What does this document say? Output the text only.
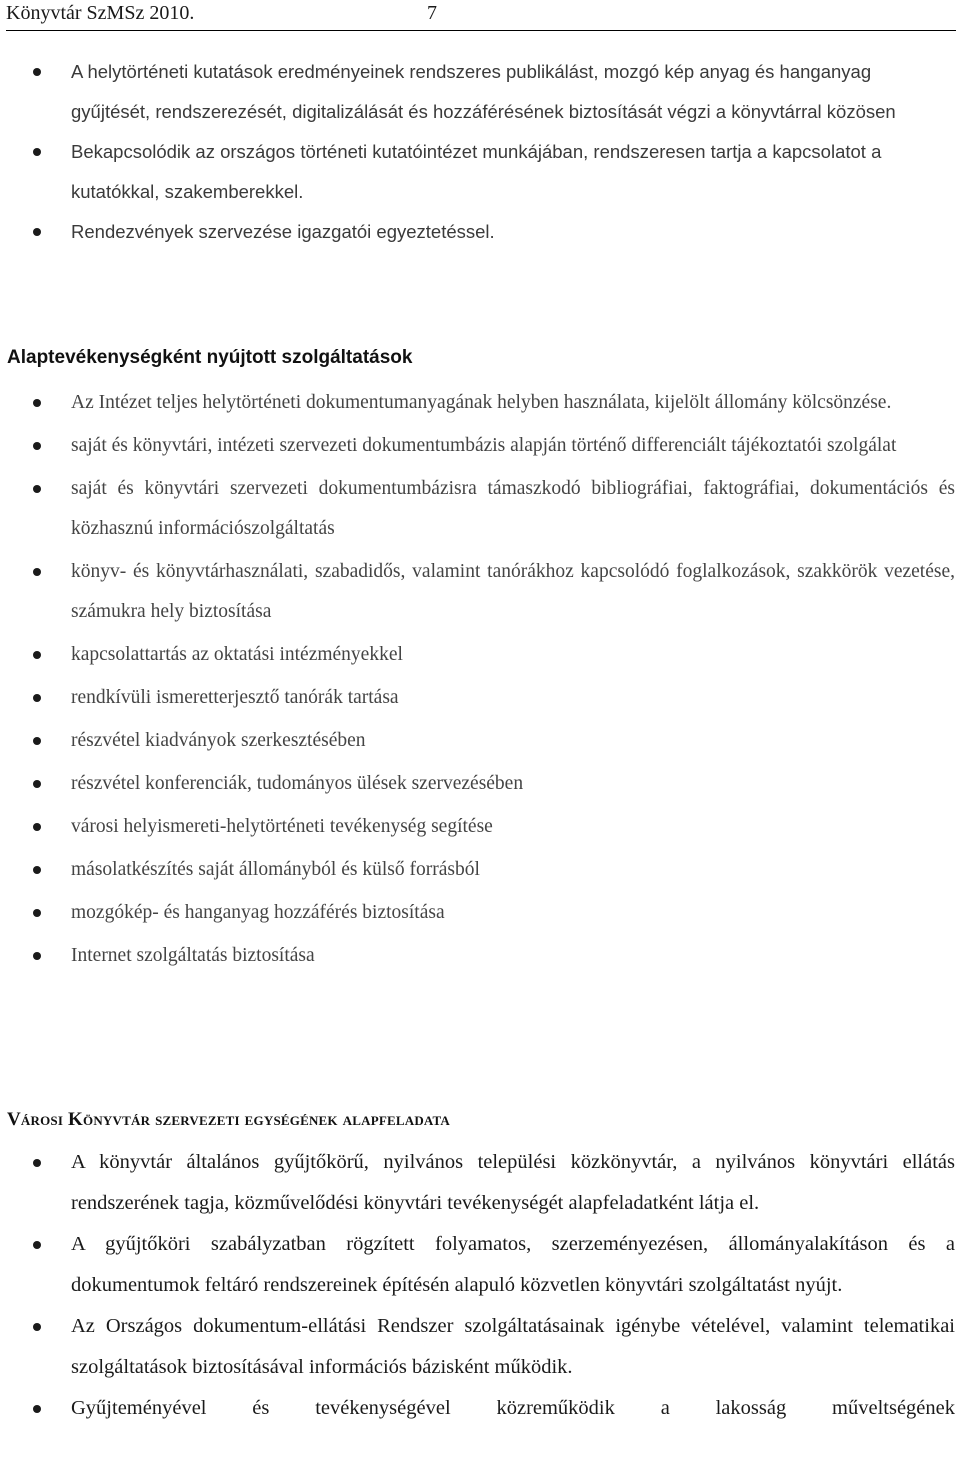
Könyvtár SzMSz 2010.	7
A helytörténeti kutatások eredményeinek rendszeres publikálást, mozgó kép anyag és hanganyag gyűjtését, rendszerezését, digitalizálását és hozzáférésének biztosítását végzi a könyvtárral közösen
Bekapcsolódik az országos történeti kutatóintézet munkájában, rendszeresen tartja a kapcsolatot a kutatókkal, szakemberekkel.
Rendezvények szervezése igazgatói egyeztetéssel.
Alaptevékenységként nyújtott szolgáltatások
Az Intézet teljes helytörténeti dokumentumanyagának helyben használata, kijelölt állomány kölcsönzése.
saját és könyvtári, intézeti szervezeti dokumentumbázis alapján történő differenciált tájékoztatói szolgálat
saját és könyvtári szervezeti dokumentumbázisra támaszkodó bibliográfiai, faktográfiai, dokumentációs és közhasznú információszolgáltatás
könyv- és könyvtárhasználati, szabadidős, valamint tanórákhoz kapcsolódó foglalkozások, szakkörök vezetése, számukra hely biztosítása
kapcsolattartás az oktatási intézményekkel
rendkívüli ismeretterjesztő tanórák tartása
részvétel kiadványok szerkesztésében
részvétel konferenciák, tudományos ülések szervezésében
városi helyismereti-helytörténeti tevékenység segítése
másolatkészítés saját állományból és külső forrásból
mozgókép- és hanganyag hozzáférés biztosítása
Internet szolgáltatás biztosítása
Városi Könyvtár szervezeti egységének alapfeladata
A könyvtár általános gyűjtőkörű, nyilvános települési közkönyvtár, a nyilvános könyvtári ellátás rendszerének tagja, közművelődési könyvtári tevékenységét alapfeladatként látja el.
A gyűjtőköri szabályzatban rögzített folyamatos, szerzeményezésen, állományalakításon és a dokumentumok feltáró rendszereinek építésén alapuló közvetlen könyvtári szolgáltatást nyújt.
Az Országos dokumentum-ellátási Rendszer szolgáltatásainak igénybe vételével, valamint telematikai szolgáltatások biztosításával információs bázisként működik.
Gyűjteményével és tevékenységével közreműködik a lakosság műveltségének
